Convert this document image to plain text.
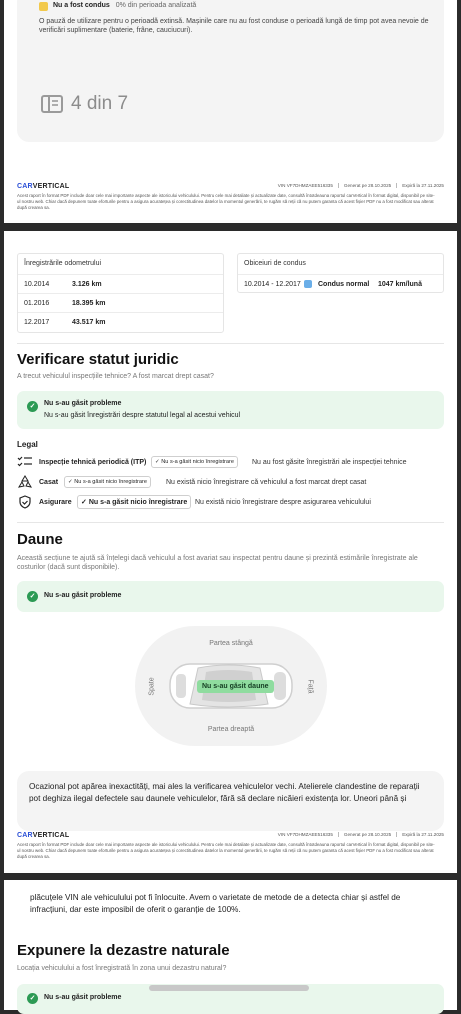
Nu a fost condus 0% din perioada analizată
O pauză de utilizare pentru o perioadă extinsă. Mașinile care nu au fost conduse o perioadă lungă de timp pot avea nevoie de verificări suplimentare (baterie, frâne, cauciucuri).
4 din 7
CARVERTICAL	VIN VF7DHMZAEE516335 Generat pe 28.10.2025 Expiră la 27.11.2025
Acest raport în format PDF include doar cele mai importante aspecte ale istoricului vehiculului. Pentru cele mai detaliate și actualizate date, consultă întotdeauna raportul carVertical în format digital, disponibil pe site-ul nostru web. Chiar dacă depunem toate eforturile pentru a asigura acuratețea și corectitudinea datelor la momentul generării, te rugăm să reții că nu putem garanta că acest fișier PDF nu a fost modificat sau alterat după crearea sa.
Înregistrările odometrului
10.2014	3.126 km
01.2016	18.395 km
12.2017	43.517 km
Obiceiuri de condus
10.2014 - 12.2017 Condus normal 1047 km/lună
Verificare statut juridic
A trecut vehiculul inspecțiile tehnice? A fost marcat drept casat?
✓	Nu s-au găsit probleme
Nu s-au găsit înregistrări despre statutul legal al acestui vehicul
Legal
Inspecție tehnică periodică (ITP)	✓ Nu s-a găsit nicio înregistrare	Nu au fost găsite înregistrări ale inspecției tehnice
Casat	✓ Nu s-a găsit nicio înregistrare	Nu există nicio înregistrare că vehiculul a fost marcat drept casat
Asigurare	✓ Nu s-a găsit nicio înregistrare	Nu există nicio înregistrare despre asigurarea vehiculului
Daune
Această secțiune te ajută să înțelegi dacă vehiculul a fost avariat sau inspectat pentru daune și prezintă estimările înregistrate ale costurilor (dacă sunt disponibile).
✓	Nu s-au găsit probleme
Partea stângă
Partea dreaptă
Spate	Față
Nu s-au găsit daune
Ocazional pot apărea inexactități, mai ales la verificarea vehiculelor vechi. Atelierele clandestine de reparații pot deghiza ilegal defectele sau daunele vehiculelor, fără să declare nicăieri existența lor. Uneori până și
CARVERTICAL	VIN VF7DHMZAEE516335 Generat pe 28.10.2025 Expiră la 27.11.2025
Acest raport în format PDF include doar cele mai importante aspecte ale istoricului vehiculului. Pentru cele mai detaliate și actualizate date, consultă întotdeauna raportul carVertical în format digital, disponibil pe site-ul nostru web. Chiar dacă depunem toate eforturile pentru a asigura acuratețea și corectitudinea datelor la momentul generării, te rugăm să reții că nu putem garanta că acest fișier PDF nu a fost modificat sau alterat după crearea sa.
plăcuțele VIN ale vehiculului pot fi înlocuite. Avem o varietate de metode de a detecta chiar și astfel de infracțiuni, dar este imposibil de oferit o garanție de 100%.
Expunere la dezastre naturale
Locația vehiculului a fost înregistrată în zona unui dezastru natural?
✓	Nu s-au găsit probleme
